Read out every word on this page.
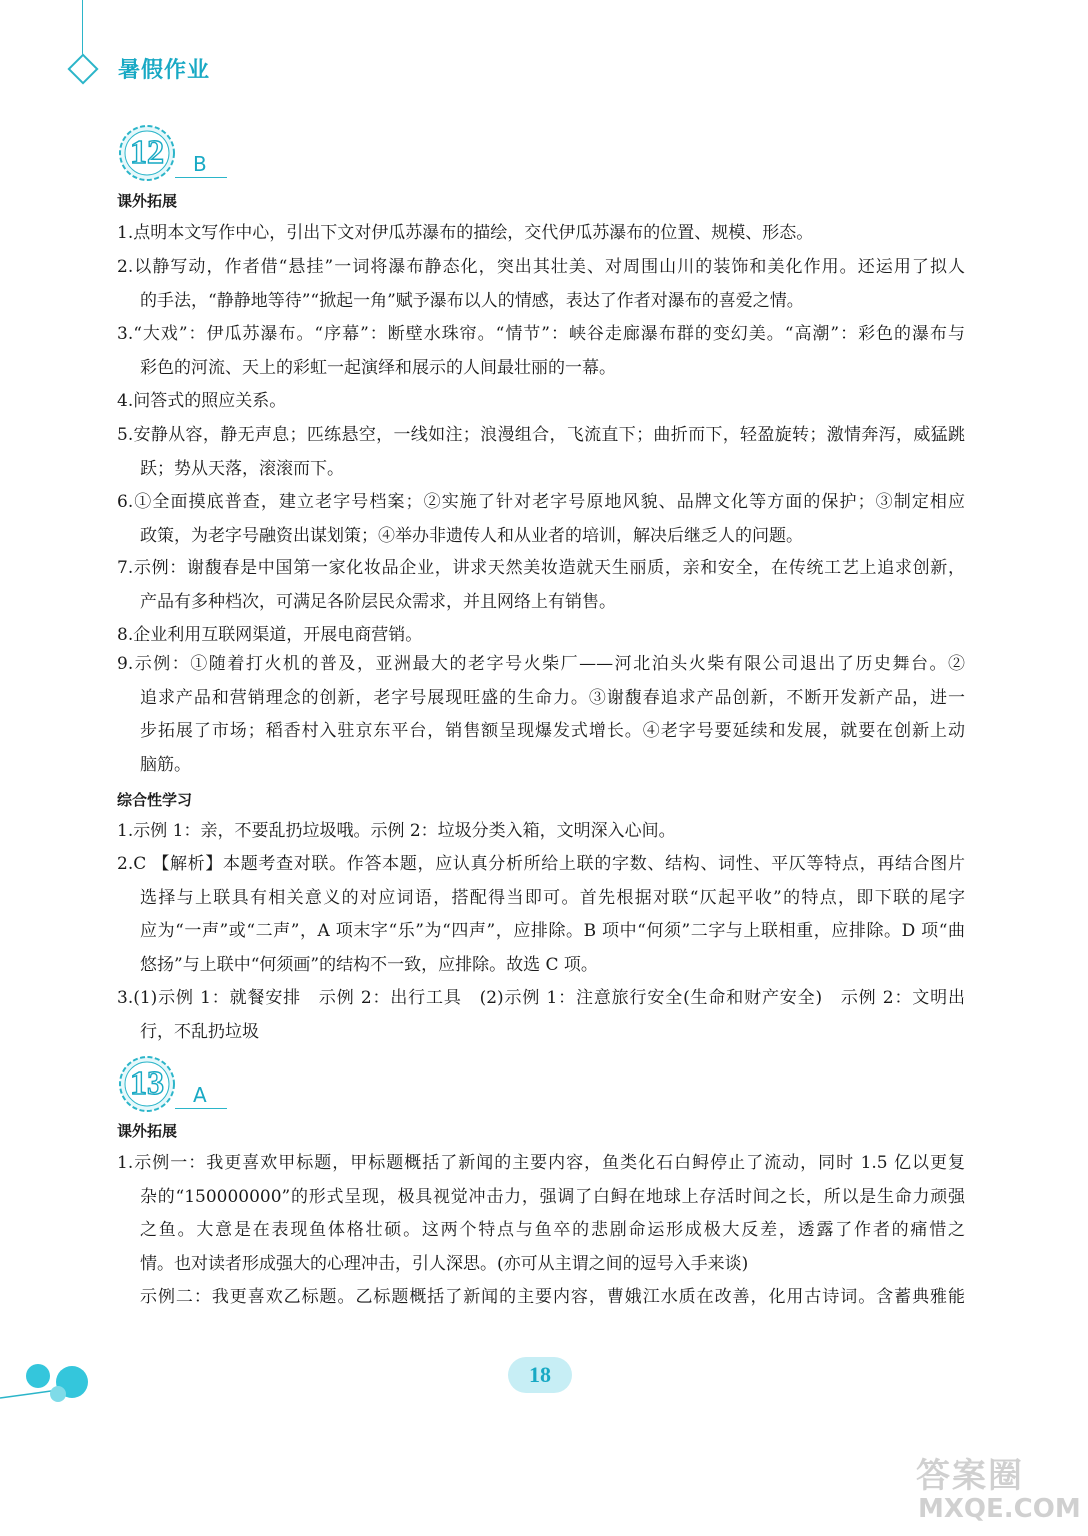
暑假作业
12	B
课外拓展
1.点明本文写作中心，引出下文对伊瓜苏瀑布的描绘，交代伊瓜苏瀑布的位置、规模、形态。
2.以静写动，作者借“悬挂”一词将瀑布静态化，突出其壮美、对周围山川的装饰和美化作用。还运用了拟人
的手法，“静静地等待”“掀起一角”赋予瀑布以人的情感，表达了作者对瀑布的喜爱之情。
3.“大戏”：伊瓜苏瀑布。“序幕”：断壁水珠帘。“情节”：峡谷走廊瀑布群的变幻美。“高潮”：彩色的瀑布与
彩色的河流、天上的彩虹一起演绎和展示的人间最壮丽的一幕。
4.问答式的照应关系。
5.安静从容，静无声息；匹练悬空，一线如注；浪漫组合，飞流直下；曲折而下，轻盈旋转；激情奔泻，威猛跳
跃；势从天落，滚滚而下。
6.①全面摸底普查，建立老字号档案；②实施了针对老字号原地风貌、品牌文化等方面的保护；③制定相应
政策，为老字号融资出谋划策；④举办非遗传人和从业者的培训，解决后继乏人的问题。
7.示例：谢馥春是中国第一家化妆品企业，讲求天然美妆造就天生丽质，亲和安全，在传统工艺上追求创新，
产品有多种档次，可满足各阶层民众需求，并且网络上有销售。
8.企业利用互联网渠道，开展电商营销。
9.示例：①随着打火机的普及，亚洲最大的老字号火柴厂——河北泊头火柴有限公司退出了历史舞台。②
追求产品和营销理念的创新，老字号展现旺盛的生命力。③谢馥春追求产品创新，不断开发新产品，进一
步拓展了市场；稻香村入驻京东平台，销售额呈现爆发式增长。④老字号要延续和发展，就要在创新上动
脑筋。
综合性学习
1.示例 1：亲，不要乱扔垃圾哦。示例 2：垃圾分类入箱，文明深入心间。
2.C 【解析】本题考查对联。作答本题，应认真分析所给上联的字数、结构、词性、平仄等特点，再结合图片
选择与上联具有相关意义的对应词语，搭配得当即可。首先根据对联“仄起平收”的特点，即下联的尾字
应为“一声”或“二声”，A 项末字“乐”为“四声”，应排除。B 项中“何须”二字与上联相重，应排除。D 项“曲
悠扬”与上联中“何须画”的结构不一致，应排除。故选 C 项。
3.(1)示例 1：就餐安排　示例 2：出行工具　(2)示例 1：注意旅行安全(生命和财产安全)　示例 2：文明出
行，不乱扔垃圾
13	A
课外拓展
1.示例一：我更喜欢甲标题，甲标题概括了新闻的主要内容，鱼类化石白鲟停止了流动，同时 1.5 亿以更复
杂的“150000000”的形式呈现，极具视觉冲击力，强调了白鲟在地球上存活时间之长，所以是生命力顽强
之鱼。大意是在表现鱼体格壮硕。这两个特点与鱼卒的悲剧命运形成极大反差，透露了作者的痛惜之
情。也对读者形成强大的心理冲击，引人深思。(亦可从主谓之间的逗号入手来谈)
示例二：我更喜欢乙标题。乙标题概括了新闻的主要内容，曹娥江水质在改善，化用古诗词。含蓄典雅能
18
答案圈
MXQE.COM
